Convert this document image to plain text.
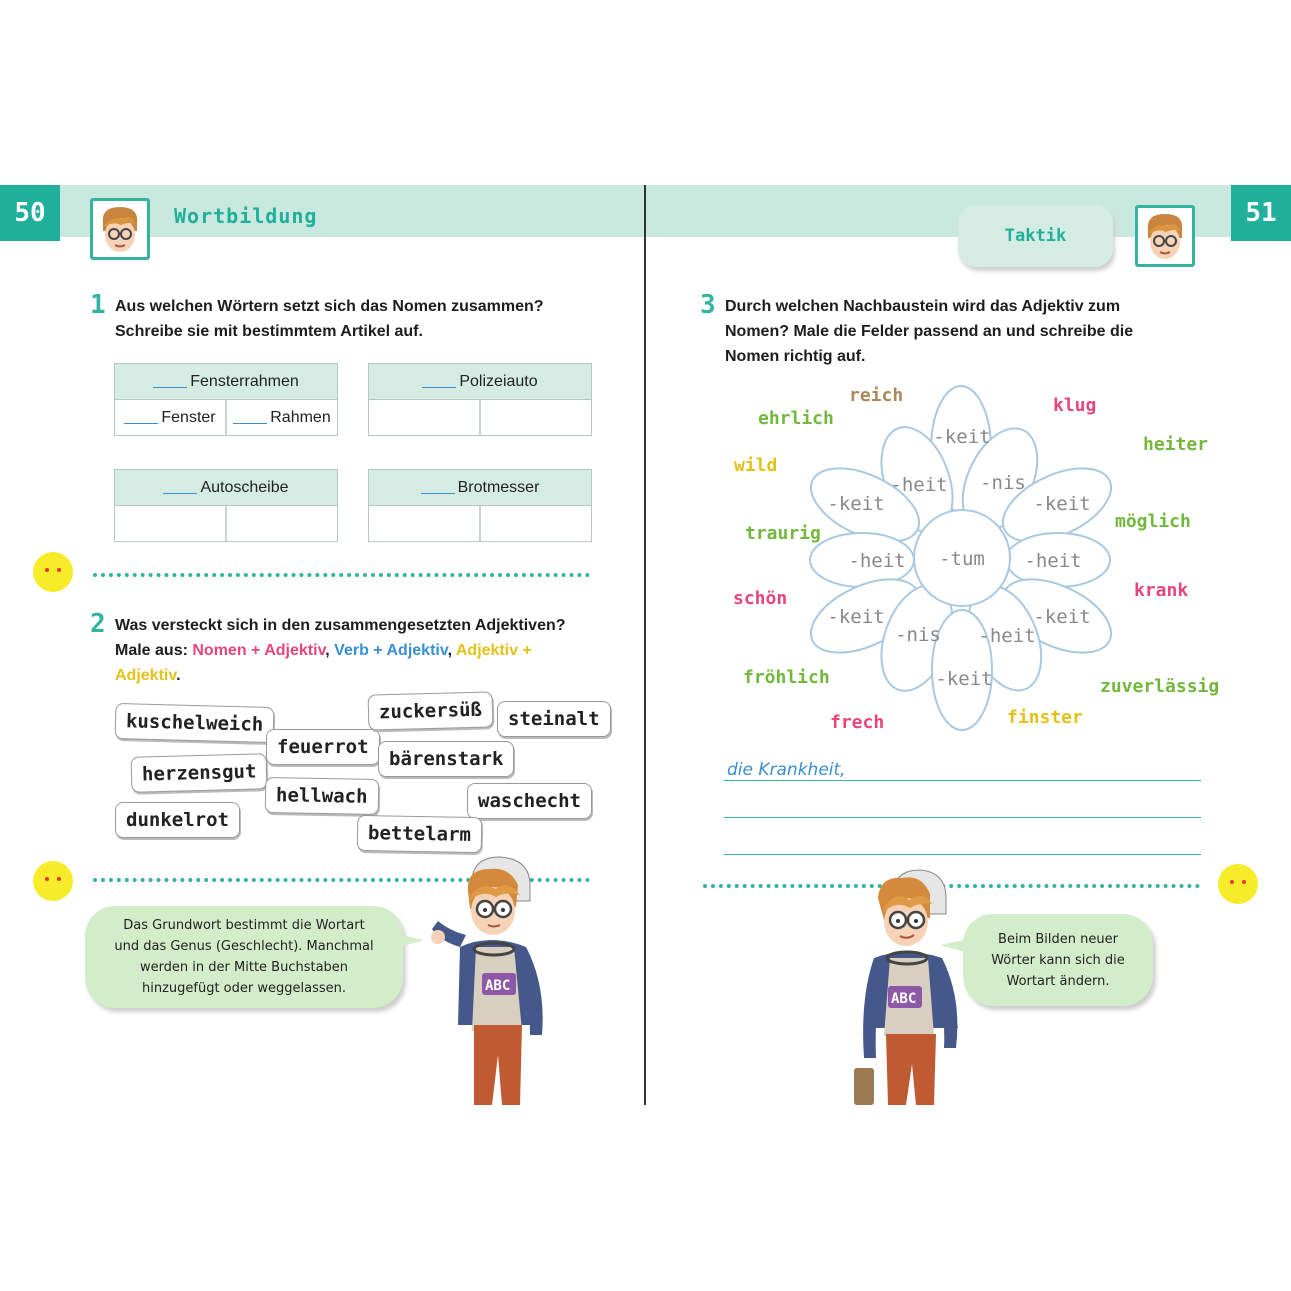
50	Wortbildung
Taktik
51
1 Aus welchen Wörtern setzt sich das Nomen zusammen?
Schreibe sie mit bestimmtem Artikel auf.
Fensterrahmen
Fenster	Rahmen
Polizeiauto
Autoscheibe	Brotmesser
2 Was versteckt sich in den zusammengesetzten Adjektiven?
Male aus: Nomen + Adjektiv, Verb + Adjektiv, Adjektiv +
Adjektiv.
kuschelweich
feuerrot
zuckersüß	steinalt
herzensgut
bärenstark
hellwach	waschecht
dunkelrot
bettelarm
Das Grundwort bestimmt die Wortart
und das Genus (Geschlecht). Manchmal
werden in der Mitte Buchstaben
hinzugefügt oder weggelassen.	ABC
3 Durch welchen Nachbaustein wird das Adjektiv zum
Nomen? Male die Felder passend an und schreibe die
Nomen richtig auf.
-keit
-heit -nis
-keit	-keit
-heit	-heit
-keit	-keit
-nis -heit
-keit
-tum
reich	klug
ehrlich
heiter
wild
traurig
möglich
schön	krank
fröhlich	zuverlässig
frech	finster
die Krankheit,
ABC
Beim Bilden neuer
Wörter kann sich die
Wortart ändern.
